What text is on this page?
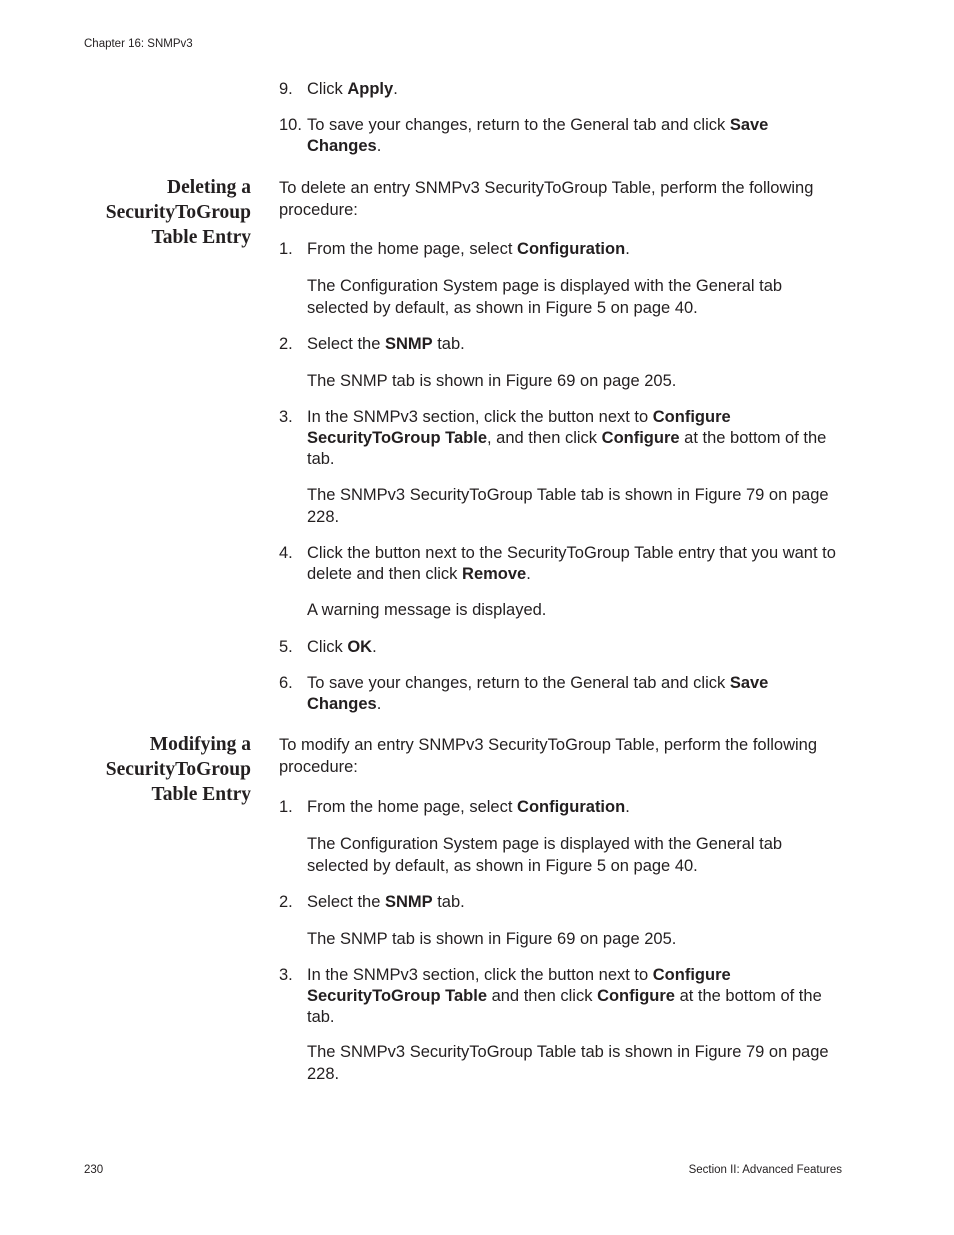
Chapter 16: SNMPv3
230	Section II: Advanced Features
9. Click Apply.
10. To save your changes, return to the General tab and click Save Changes.
Deleting a
SecurityToGroup
Table Entry
To delete an entry SNMPv3 SecurityToGroup Table, perform the following procedure:
1. From the home page, select Configuration.
The Configuration System page is displayed with the General tab selected by default, as shown in Figure 5 on page 40.
2. Select the SNMP tab.
The SNMP tab is shown in Figure 69 on page 205.
3. In the SNMPv3 section, click the button next to Configure SecurityToGroup Table, and then click Configure at the bottom of the tab.
The SNMPv3 SecurityToGroup Table tab is shown in Figure 79 on page 228.
4. Click the button next to the SecurityToGroup Table entry that you want to delete and then click Remove.
A warning message is displayed.
5. Click OK.
6. To save your changes, return to the General tab and click Save Changes.
Modifying a
SecurityToGroup
Table Entry
To modify an entry SNMPv3 SecurityToGroup Table, perform the following procedure:
1. From the home page, select Configuration.
The Configuration System page is displayed with the General tab selected by default, as shown in Figure 5 on page 40.
2. Select the SNMP tab.
The SNMP tab is shown in Figure 69 on page 205.
3. In the SNMPv3 section, click the button next to Configure SecurityToGroup Table and then click Configure at the bottom of the tab.
The SNMPv3 SecurityToGroup Table tab is shown in Figure 79 on page 228.
